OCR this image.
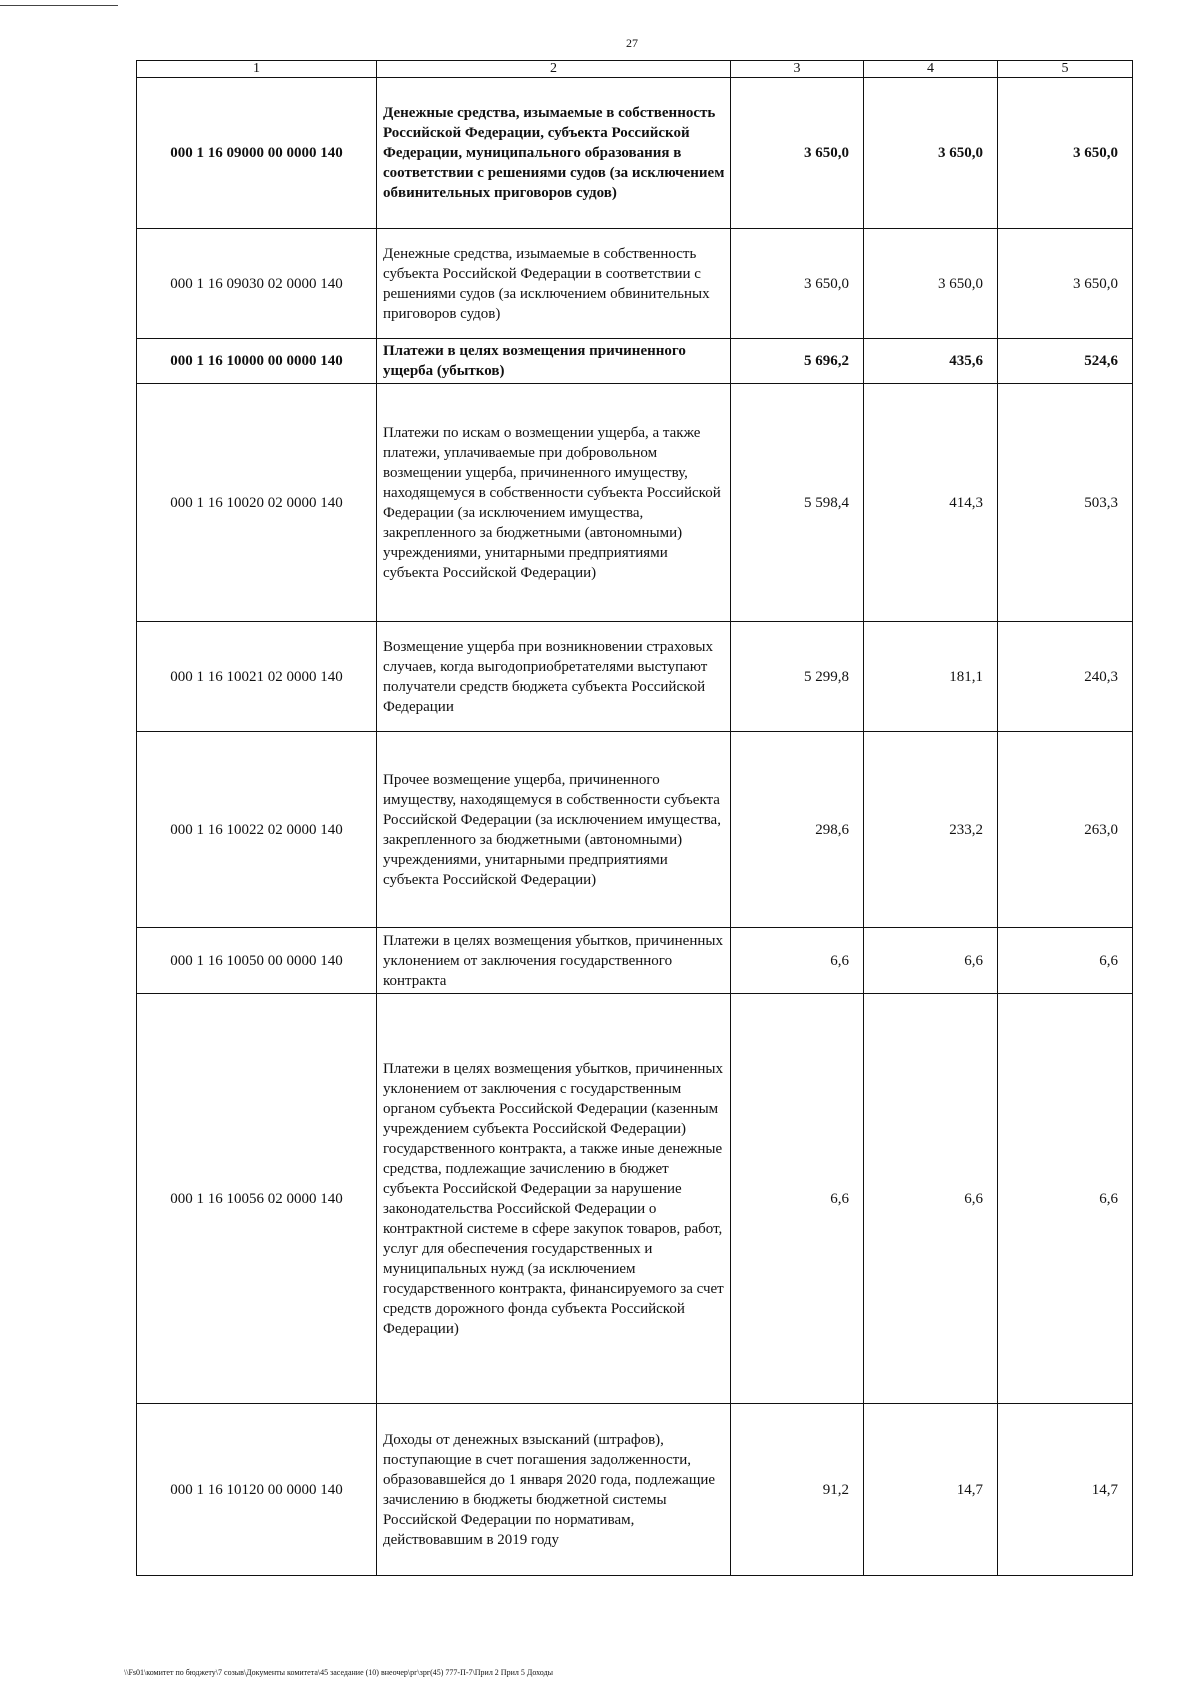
27
1	2	3	4	5
000 1 16 09000 00 0000 140	Денежные средства, изымаемые в собственность Российской Федерации, субъекта Российской Федерации, муниципального образования в соответствии с решениями судов (за исключением обвинительных приговоров судов)	3 650,0	3 650,0	3 650,0
000 1 16 09030 02 0000 140	Денежные средства, изымаемые в собственность субъекта Российской Федерации в соответствии с решениями судов (за исключением обвинительных приговоров судов)	3 650,0	3 650,0	3 650,0
000 1 16 10000 00 0000 140	Платежи в целях возмещения причиненного ущерба (убытков)	5 696,2	435,6	524,6
000 1 16 10020 02 0000 140	Платежи по искам о возмещении ущерба, а также платежи, уплачиваемые при добровольном возмещении ущерба, причиненного имуществу, находящемуся в собственности субъекта Российской Федерации (за исключением имущества, закрепленного за бюджетными (автономными) учреждениями, унитарными предприятиями субъекта Российской Федерации)	5 598,4	414,3	503,3
000 1 16 10021 02 0000 140	Возмещение ущерба при возникновении страховых случаев, когда выгодоприобретателями выступают получатели средств бюджета субъекта Российской Федерации	5 299,8	181,1	240,3
000 1 16 10022 02 0000 140	Прочее возмещение ущерба, причиненного имуществу, находящемуся в собственности субъекта Российской Федерации (за исключением имущества, закрепленного за бюджетными (автономными) учреждениями, унитарными предприятиями субъекта Российской Федерации)	298,6	233,2	263,0
000 1 16 10050 00 0000 140	Платежи в целях возмещения убытков, причиненных уклонением от заключения государственного контракта	6,6	6,6	6,6
000 1 16 10056 02 0000 140	Платежи в целях возмещения убытков, причиненных уклонением от заключения с государственным органом субъекта Российской Федерации (казенным учреждением субъекта Российской Федерации) государственного контракта, а также иные денежные средства, подлежащие зачислению в бюджет субъекта Российской Федерации за нарушение законодательства Российской Федерации о контрактной системе в сфере закупок товаров, работ, услуг для обеспечения государственных и муниципальных нужд (за исключением государственного контракта, финансируемого за счет средств дорожного фонда субъекта Российской Федерации)	6,6	6,6	6,6
000 1 16 10120 00 0000 140	Доходы от денежных взысканий (штрафов), поступающие в счет погашения задолженности, образовавшейся до 1 января 2020 года, подлежащие зачислению в бюджеты бюджетной системы Российской Федерации по нормативам, действовавшим в 2019 году	91,2	14,7	14,7
\\Fs01\комитет по бюджету\7 созыв\Документы комитета\45 заседание (10) внеочер\рг\зрг(45) 777-П-7\Прил 2 Прил 5 Доходы
